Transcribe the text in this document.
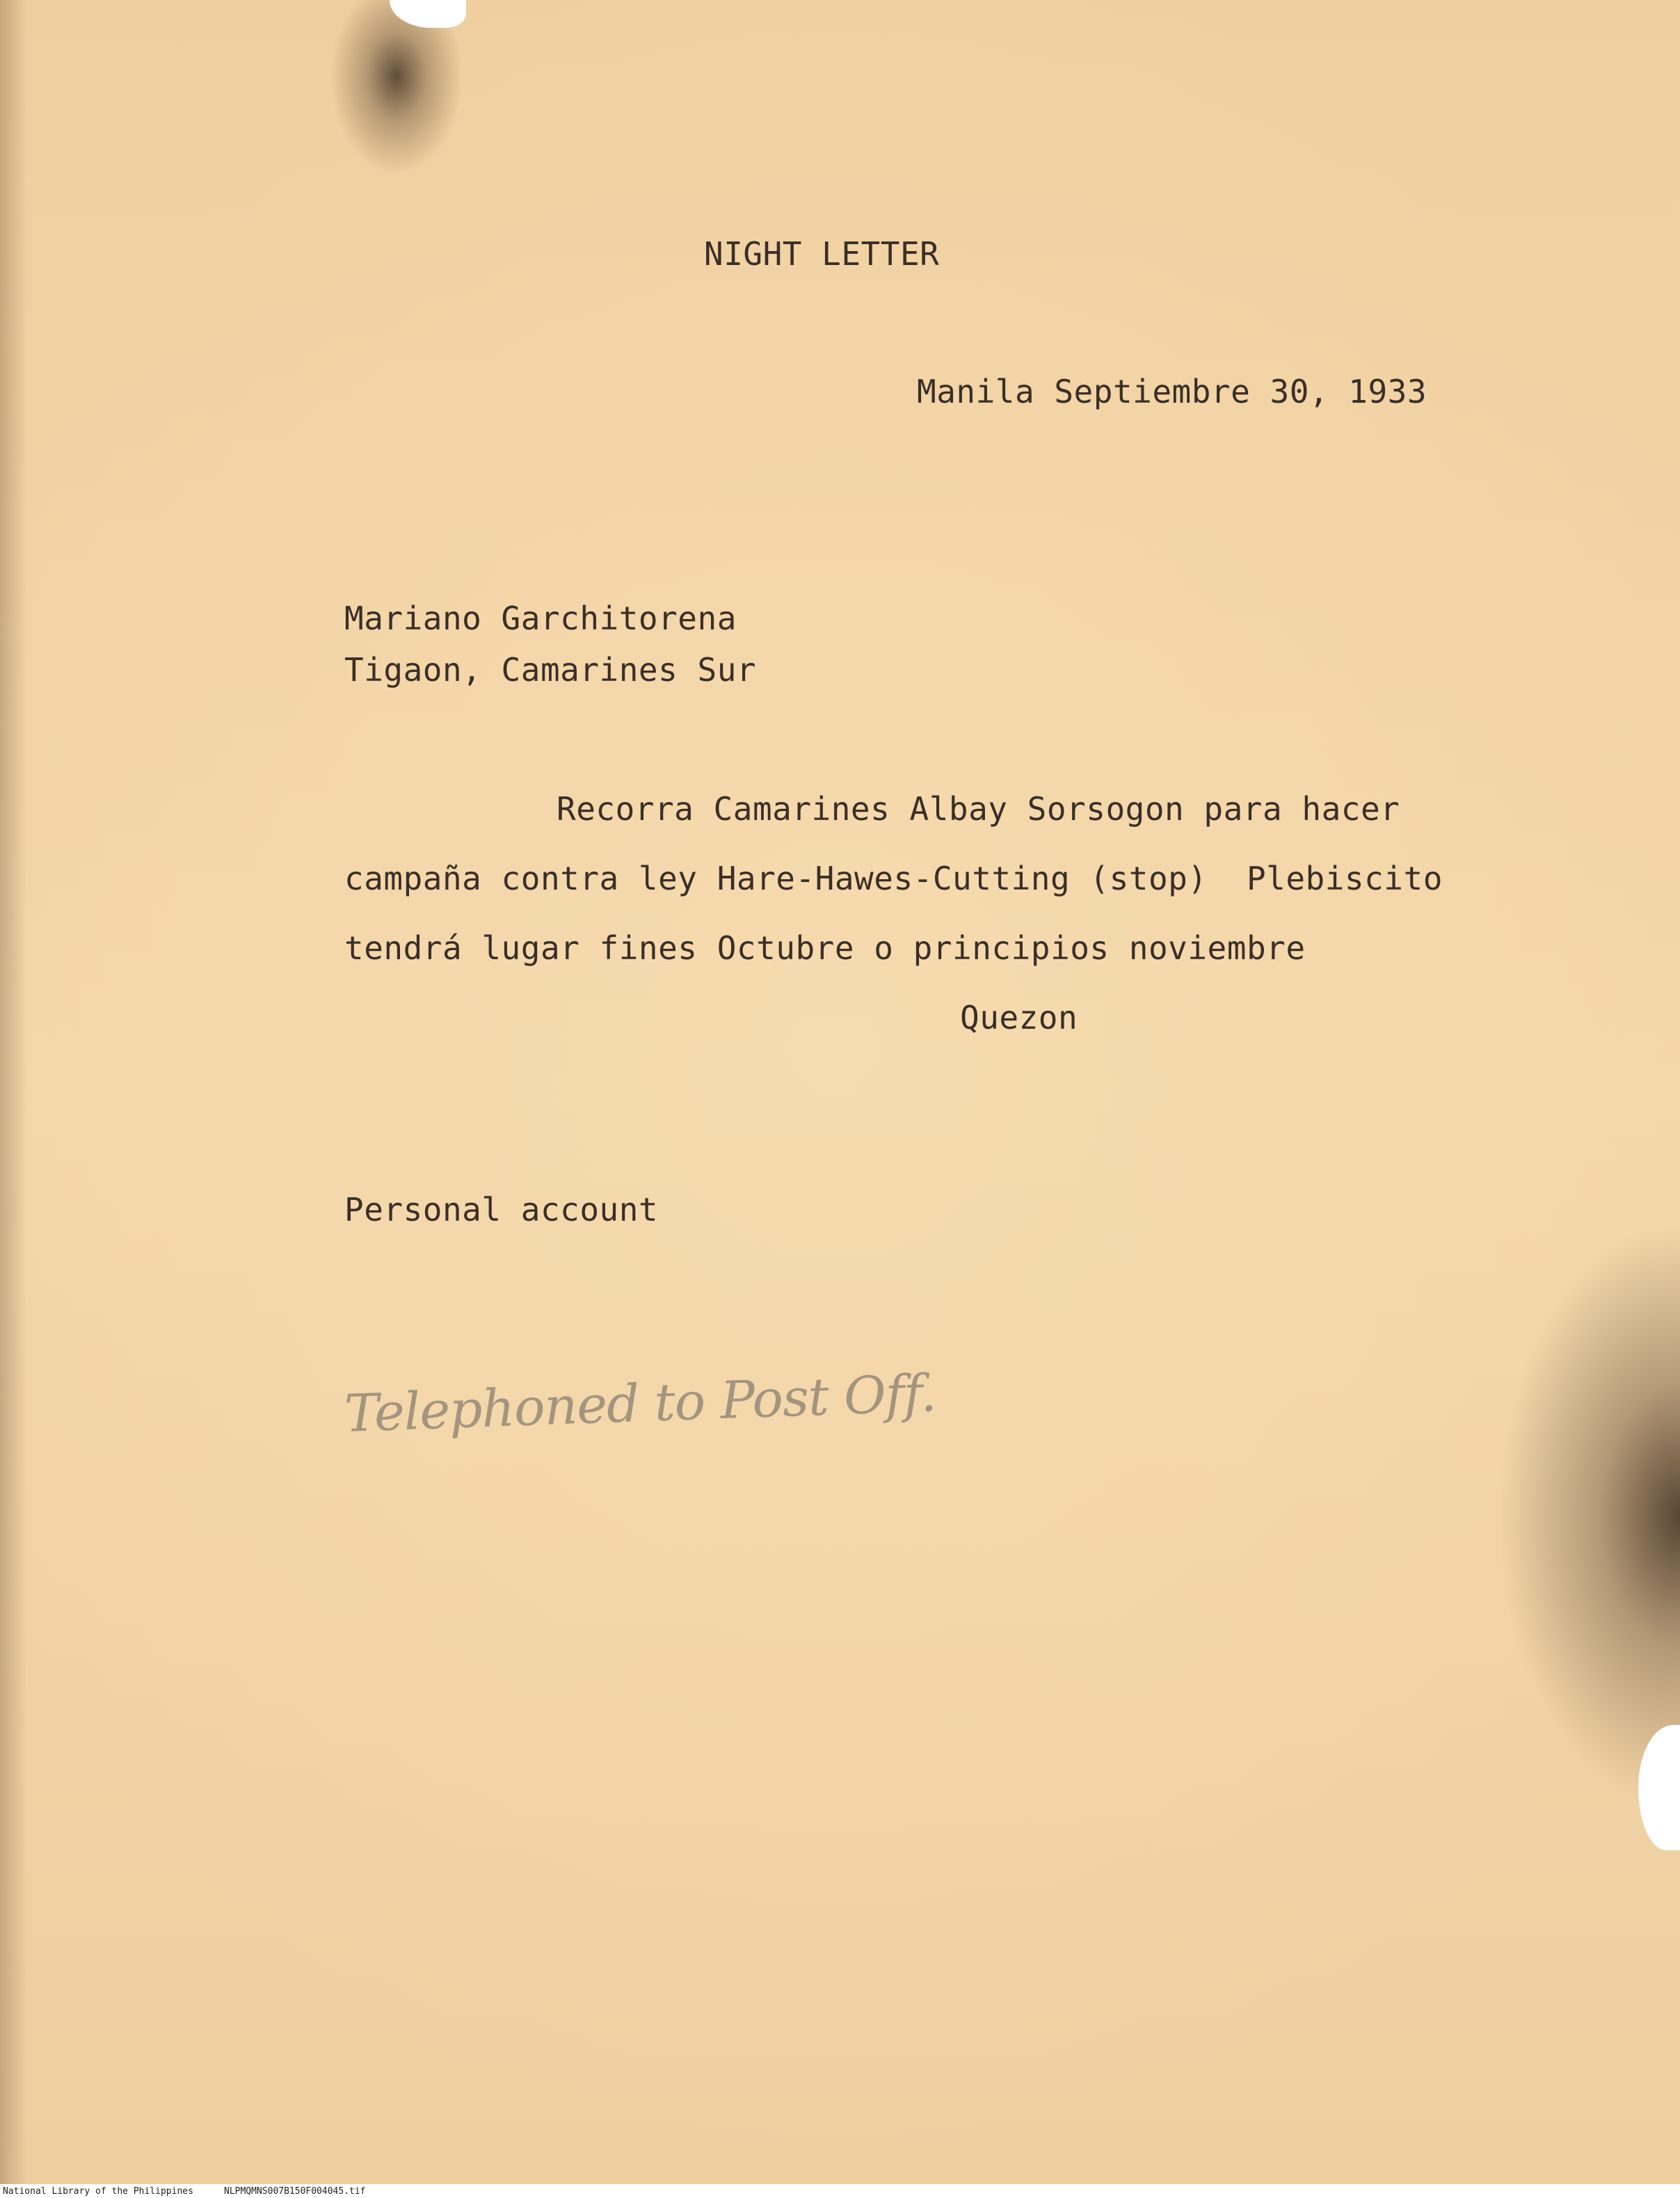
NIGHT LETTER
Manila Septiembre 30, 1933
Mariano Garchitorena
Tigaon, Camarines Sur
Recorra Camarines Albay Sorsogon para hacer
campaña contra ley Hare-Hawes-Cutting (stop)  Plebiscito
tendrá lugar fines Octubre o principios noviembre
Quezon
Personal account
Telephoned to Post Off.
National Library of the Philippines	NLPMQMNS007B150F004045.tif
